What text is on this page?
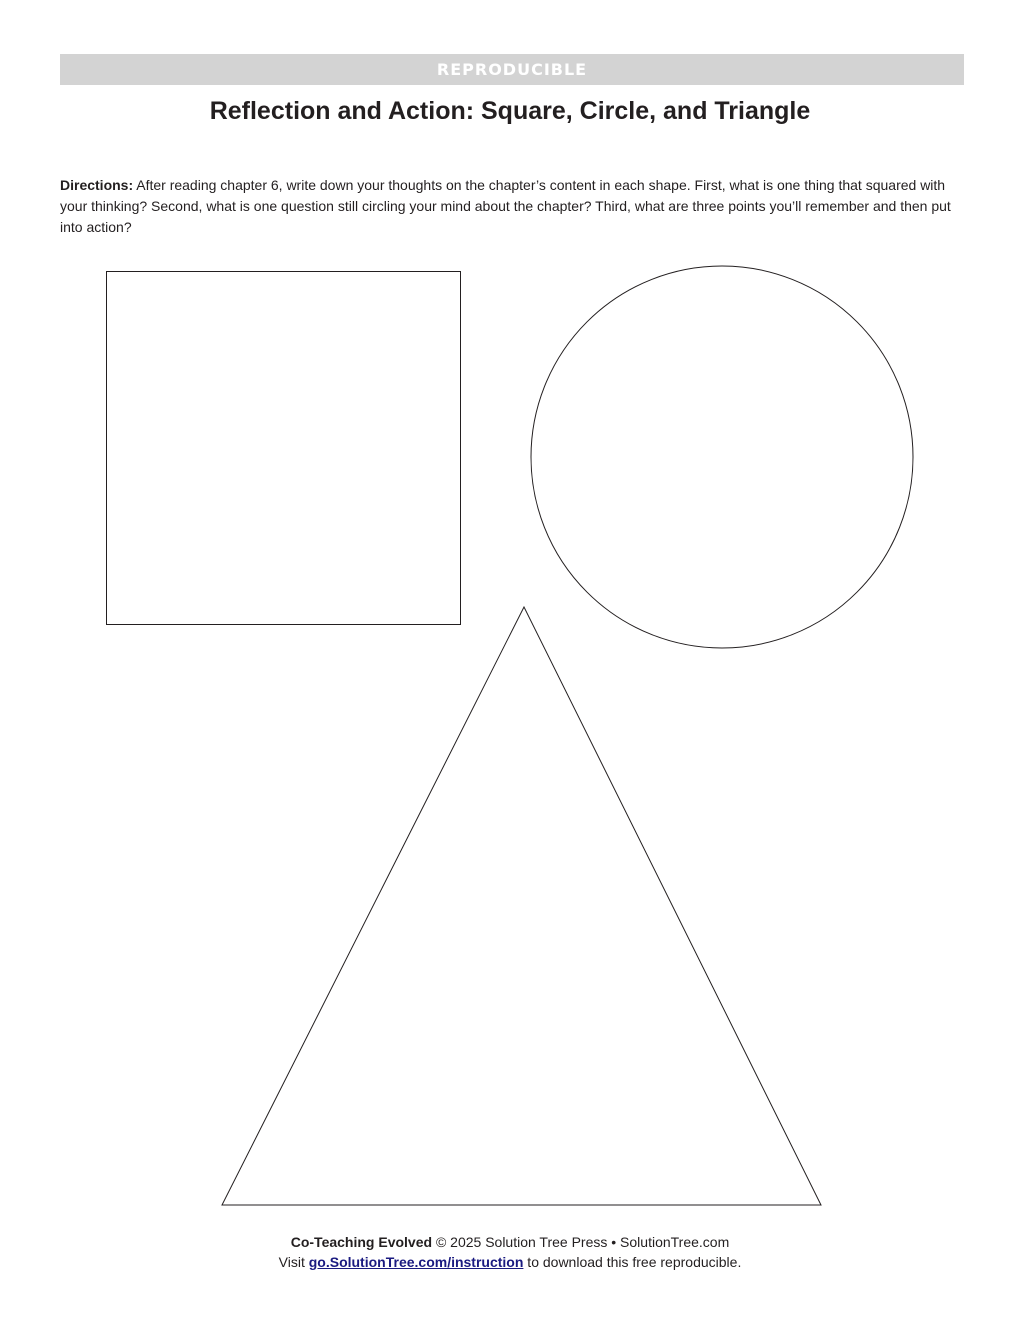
REPRODUCIBLE
Reflection and Action: Square, Circle, and Triangle

Directions: After reading chapter 6, write down your thoughts on the chapter’s content in each shape. First, what is one thing that squared with your thinking? Second, what is one question still circling your mind about the chapter? Third, what are three points you’ll remember and then put into action?

Co-Teaching Evolved © 2025 Solution Tree Press • SolutionTree.com
Visit go.SolutionTree.com/instruction to download this free reproducible.
